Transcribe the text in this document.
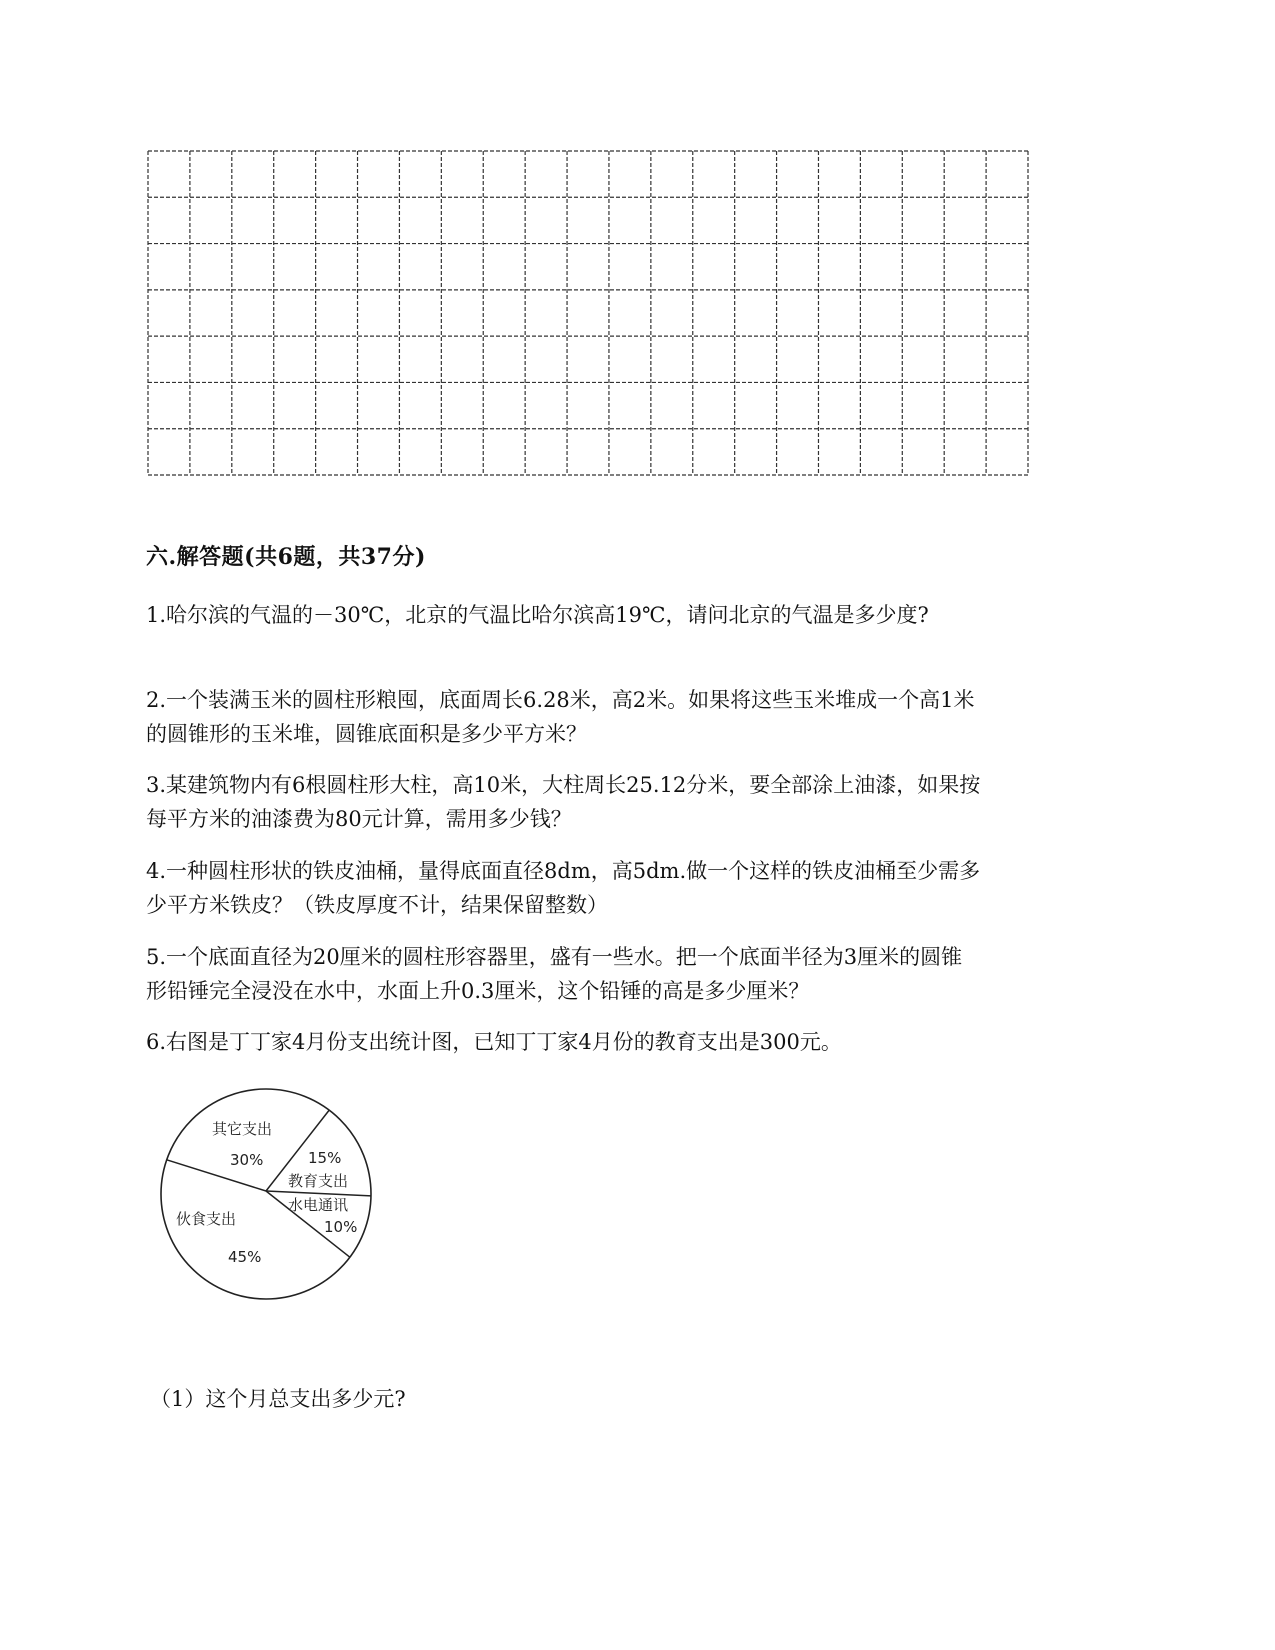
六.解答题(共6题，共37分)
1.哈尔滨的气温的－30℃，北京的气温比哈尔滨高19℃，请问北京的气温是多少度?
2.一个装满玉米的圆柱形粮囤，底面周长6.28米，高2米。如果将这些玉米堆成一个高1米
的圆锥形的玉米堆，圆锥底面积是多少平方米？
3.某建筑物内有6根圆柱形大柱，高10米，大柱周长25.12分米，要全部涂上油漆，如果按
每平方米的油漆费为80元计算，需用多少钱？
4.一种圆柱形状的铁皮油桶，量得底面直径8dm，高5dm.做一个这样的铁皮油桶至少需多
少平方米铁皮？（铁皮厚度不计，结果保留整数）
5.一个底面直径为20厘米的圆柱形容器里，盛有一些水。把一个底面半径为3厘米的圆锥
形铅锤完全浸没在水中，水面上升0.3厘米，这个铅锤的高是多少厘米？
6.右图是丁丁家4月份支出统计图，已知丁丁家4月份的教育支出是300元。
其它支出
30%	15%
教育支出
水电通讯
10%
伙食支出
45%
（1）这个月总支出多少元?
